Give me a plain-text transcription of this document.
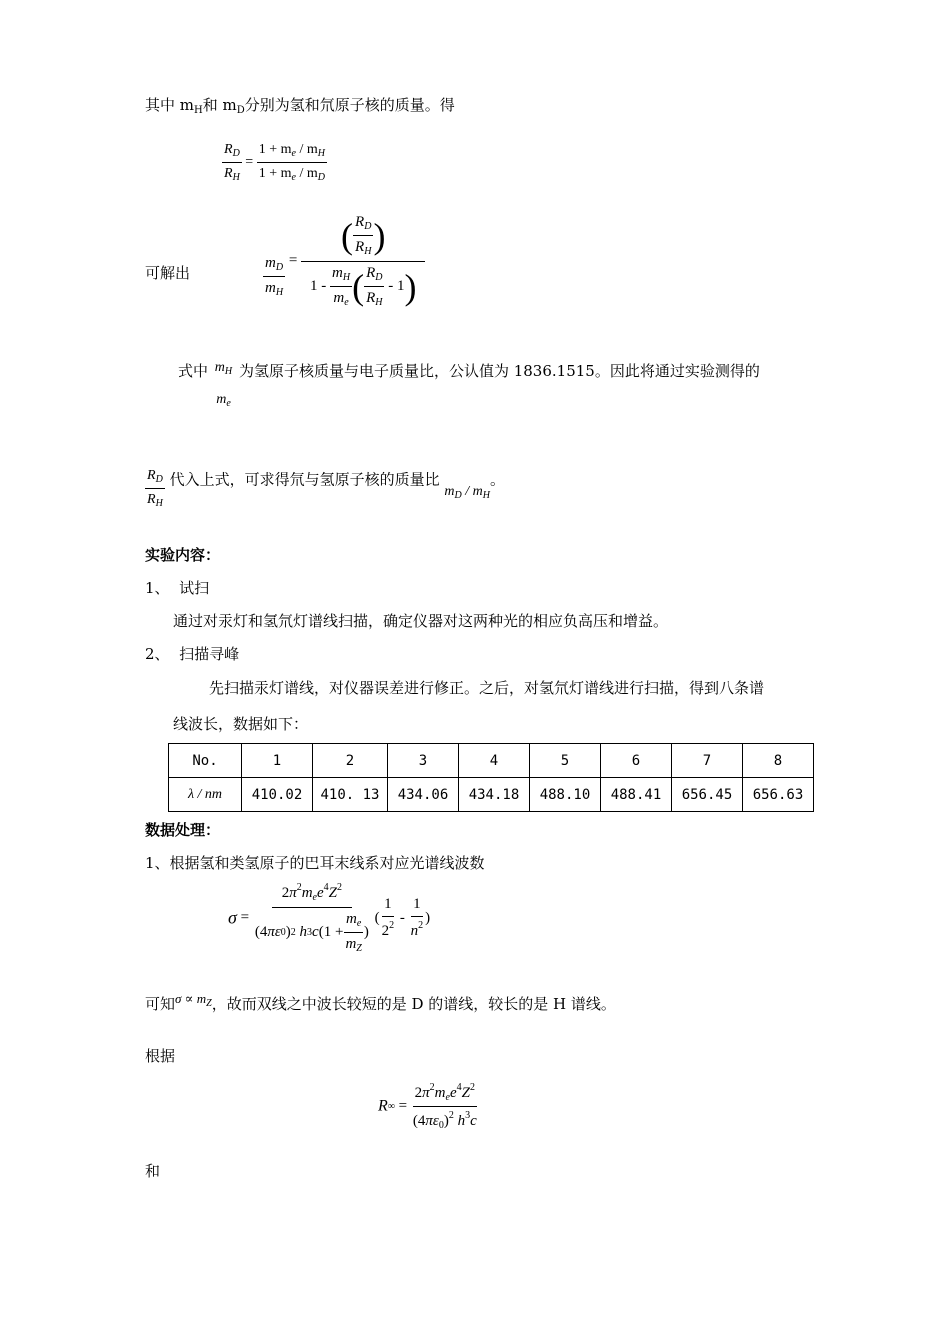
其中 $m_H$和 $m_D$分别为氢和氘原子核的质量。得
$\frac{R_D}{R_H} = \frac{1 + m_e / m_H}{1 + m_e / m_D}$
可解出	$\frac{m_D}{m_H}$ = ( $\frac{R_D}{R_H}$ )
1 -
$\frac{m_H}{m_e}$ ( $\frac{R_D}{R_H}$
- 1 )
式中 $m_H$
$m_e$
为氢原子核质量与电子质量比，公认值为 1836.1515。因此将通过实验测得的
$\frac{R_D}{R_H}$ 代入上式，可求得氘与氢原子核的质量比 $m_D / m_H$。
实验内容：
1、 试扫
通过对汞灯和氢氘灯谱线扫描，确定仪器对这两种光的相应负高压和增益。
2、 扫描寻峰
先扫描汞灯谱线，对仪器误差进行修正。之后，对氢氘灯谱线进行扫描，得到八条谱
线波长，数据如下：
No.	1	2	3	4	5	6	7	8
λ / nm	410.02	410. 13	434.06	434.18	488.10	488.41	656.45	656.63
数据处理：
1、根据氢和类氢原子的巴耳末线系对应光谱线波数
$\sigma = 2\pi^2m_ee^4Z^2$
(4 πε 0 ) 2
h 3 c ($1 + \frac{m_e}{m_Z}$ ) ( $\frac{1}{2^2} - \frac{1}{n^2}$ )
可知$\sigma \propto m_Z$，故而双线之中波长较短的是 D 的谱线，较长的是 H 谱线。
根据
$R\infty = \frac{2\pi^2m_ee^4Z^2}{(4\pi\varepsilon_0)^2 h^3c}$
和
